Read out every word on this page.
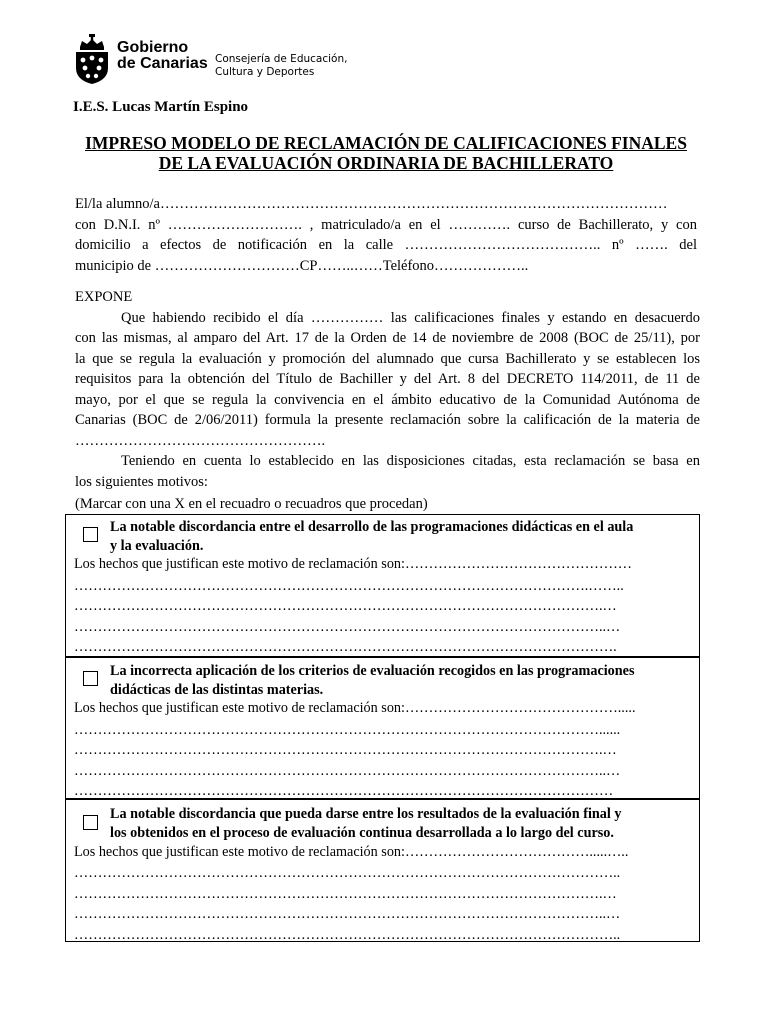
Gobierno
de Canarias Consejería de Educación,
Cultura y Deportes
I.E.S. Lucas Martín Espino
IMPRESO MODELO DE RECLAMACIÓN DE CALIFICACIONES FINALES
DE LA EVALUACIÓN ORDINARIA DE BACHILLERATO
El/la alumno/a……………………………………………………………………………………………
con D.N.I. nº ………………………. , matriculado/a en el …………. curso de Bachillerato, y con
domicilio a efectos de notificación en la calle ………………………………….. nº ……. del
municipio de …………………………CP……..……Teléfono………………..
EXPONE
Que habiendo recibido el día …………… las calificaciones finales y estando en desacuerdo
con las mismas, al amparo del Art. 17 de la Orden de 14 de noviembre de 2008 (BOC de 25/11), por
la que se regula la evaluación y promoción del alumnado que cursa Bachillerato y se establecen los
requisitos para la obtención del Título de Bachiller y del Art. 8 del DECRETO 114/2011, de 11 de
mayo, por el que se regula la convivencia en el ámbito educativo de la Comunidad Autónoma de
Canarias (BOC de 2/06/2011) formula la presente reclamación sobre la calificación de la materia de
…………………………………………….
Teniendo en cuenta lo establecido en las disposiciones citadas, esta reclamación se basa en
los siguientes motivos:
(Marcar con una X en el recuadro o recuadros que procedan)
La notable discordancia entre el desarrollo de las programaciones didácticas en el aula
y la evaluación.
Los hechos que justifican este motivo de reclamación son:…………………………………………
……………………………………………………………………………………………….……..
………………………………………………………………………………………………….…
…………………………………………………………………………………………………..…
…………………………………………………………………………………………………….
La incorrecta aplicación de los criterios de evaluación recogidos en las programaciones
didácticas de las distintas materias.
Los hechos que justifican este motivo de reclamación son:……………………………………….....
…………………………………………………………………………………………………......
………………………………………………………………………………………………….…
…………………………………………………………………………………………………..…
……………………………………………………………………………………………………
La notable discordancia que pueda darse entre los resultados de la evaluación final y
los obtenidos en el proceso de evaluación continua desarrollada a lo largo del curso.
Los hechos que justifican este motivo de reclamación son:………………………………….....…..
……………………………………………………………………………………………………..
………………………………………………………………………………………………….…
…………………………………………………………………………………………………..…
……………………………………………………………………………………………………..
